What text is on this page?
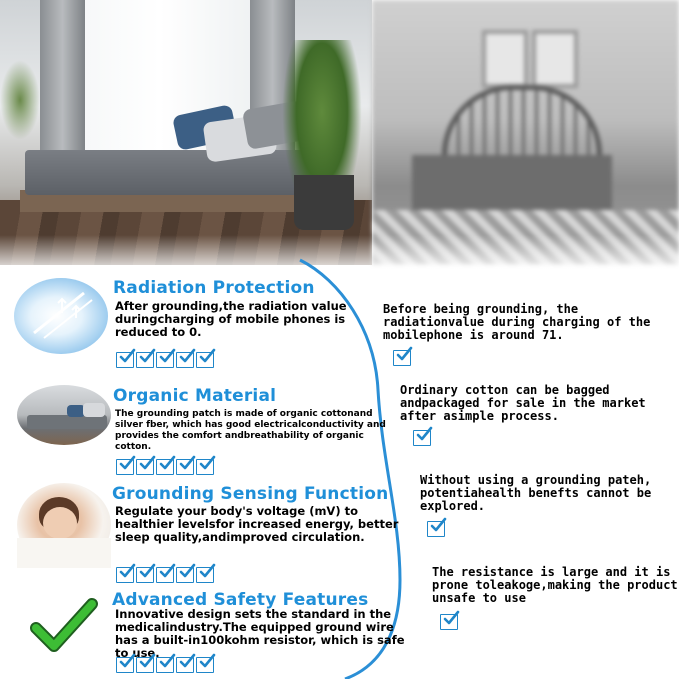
Radiation Protection
After grounding,the radiation value duringcharging of mobile phones is reduced to 0.
Organic Material
The grounding patch is made of organic cottonand silver fber, which has good electricalconductivity and provides the comfort andbreathability of organic cotton.
Grounding Sensing Function
Regulate your body's voltage (mV) to healthier levelsfor increased energy, better sleep quality,andimproved circulation.
Advanced Safety Features
Innovative design sets the standard in the medicalindustry.The equipped ground wire has a built-in100kohm resistor, which is safe to use.
Before being grounding, the radiationvalue during charging of the mobilephone is around 71.
Ordinary cotton can be bagged andpackaged for sale in the market after asimple process.
Without using a grounding pateh, potentiahealth benefts cannot be explored.
The resistance is large and it is prone toleakoge,making the product unsafe to use
